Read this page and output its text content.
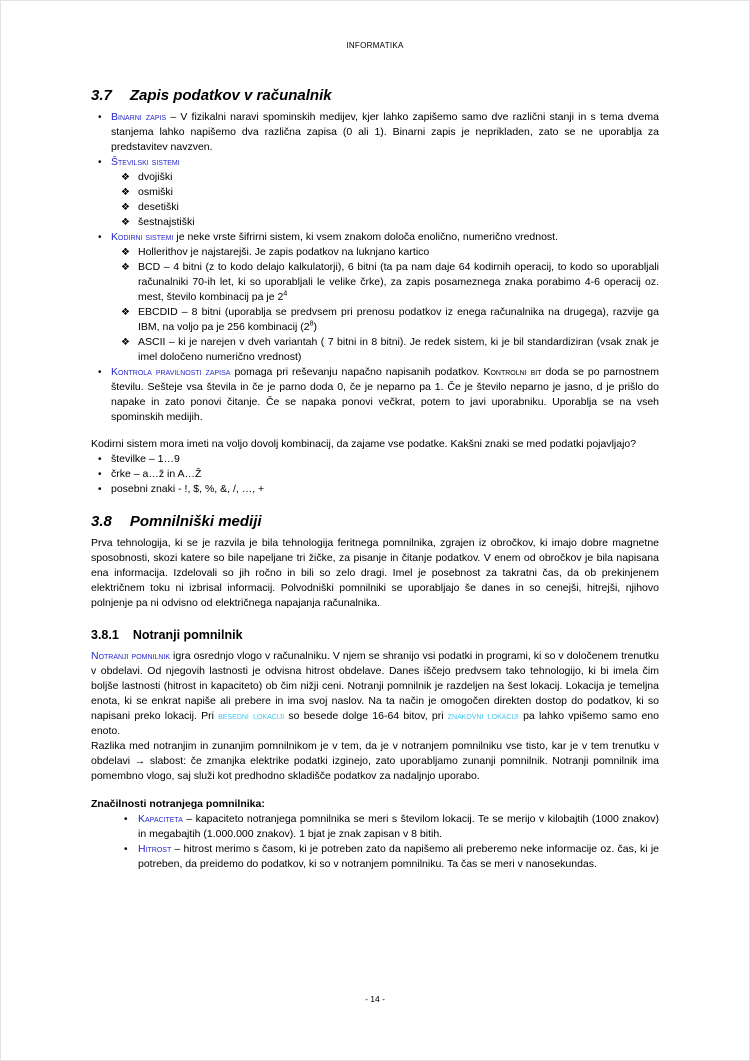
INFORMATIKA
3.7 Zapis podatkov v računalnik
• Binarni zapis – V fizikalni naravi spominskih medijev, kjer lahko zapišemo samo dve različni stanji in s tema dvema stanjema lahko napišemo dva različna zapisa (0 ali 1). Binarni zapis je neprikladen, zato se ne uporablja za predstavitev navzven.
• Številski sistemi
❖ dvojiški
❖ osmiški
❖ desetiški
❖ šestnajstiški
• Kodirni sistemi je neke vrste šifrirni sistem, ki vsem znakom določa enolično, numerično vrednost.
❖ Hollerithov je najstarejši. Je zapis podatkov na luknjano kartico
❖ BCD – 4 bitni (z to kodo delajo kalkulatorji), 6 bitni (ta pa nam daje 64 kodirnih operacij, to kodo so uporabljali računalniki 70-ih let, ki so uporabljali le velike črke), za zapis posameznega znaka porabimo 4-6 operacij oz. mest, število kombinacij pa je $2^4$
❖ EBCDID – 8 bitni (uporablja se predvsem pri prenosu podatkov iz enega računalnika na drugega), razvije ga IBM, na voljo pa je 256 kombinacij $(2^8)$
❖ ASCII – ki je narejen v dveh variantah ( 7 bitni in 8 bitni). Je redek sistem, ki je bil standardiziran (vsak znak je imel določeno numerično vrednost)
• Kontrola pravilnosti zapisa pomaga pri reševanju napačno napisanih podatkov. Kontrolni bit doda se po parnostnem številu. Sešteje vsa števila in če je parno doda 0, če je neparno pa 1. Če je število neparno je jasno, d je prišlo do napake in zato ponovi čitanje. Če se napaka ponovi večkrat, potem to javi uporabniku. Uporablja se na vseh spominskih medijih.
Kodirni sistem mora imeti na voljo dovolj kombinacij, da zajame vse podatke. Kakšni znaki se med podatki pojavljajo?
• številke – 1…9
• črke – a…ž in A…Ž
• posebni znaki - !, $, %, &, /, …, +
3.8 Pomnilniški mediji
Prva tehnologija, ki se je razvila je bila tehnologija feritnega pomnilnika, zgrajen iz obročkov, ki imajo dobre magnetne sposobnosti, skozi katere so bile napeljane tri žičke, za pisanje in čitanje podatkov. V enem od obročkov je bila napisana ena informacija. Izdelovali so jih ročno in bili so zelo dragi. Imel je posebnost za takratni čas, da ob prekinjenem električnem toku ni izbrisal informacij. Polvodniški pomnilniki se uporabljajo še danes in so cenejši, hitrejši, njihovo polnjenje pa ni odvisno od električnega napajanja računalnika.
3.8.1 Notranji pomnilnik
Notranji pomnilnik igra osrednjo vlogo v računalniku. V njem se shranijo vsi podatki in programi, ki so v določenem trenutku v obdelavi. Od njegovih lastnosti je odvisna hitrost obdelave. Danes iščejo predvsem tako tehnologijo, ki bi imela čim boljše lastnosti (hitrost in kapaciteto) ob čim nižji ceni. Notranji pomnilnik je razdeljen na šest lokacij. Lokacija je temeljna enota, ki se enkrat napiše ali prebere in ima svoj naslov. Na ta način je omogočen direkten dostop do podatkov, ki so napisani preko lokacij. Pri besedni lokaciji so besede dolge 16-64 bitov, pri znakovni lokaciji pa lahko vpišemo samo eno enoto.
Razlika med notranjim in zunanjim pomnilnikom je v tem, da je v notranjem pomnilniku vse tisto, kar je v tem trenutku v obdelavi → slabost: če zmanjka elektrike podatki izginejo, zato uporabljamo zunanji pomnilnik. Notranji pomnilnik ima pomembno vlogo, saj služi kot predhodno skladišče podatkov za nadaljnjo uporabo.
Značilnosti notranjega pomnilnika:
• Kapaciteta – kapaciteto notranjega pomnilnika se meri s številom lokacij. Te se merijo v kilobajtih (1000 znakov) in megabajtih (1.000.000 znakov). 1 bjat je znak zapisan v 8 bitih.
• Hitrost – hitrost merimo s časom, ki je potreben zato da napišemo ali preberemo neke informacije oz. čas, ki je potreben, da preidemo do podatkov, ki so v notranjem pomnilniku. Ta čas se meri v nanosekundas.
- 14 -
